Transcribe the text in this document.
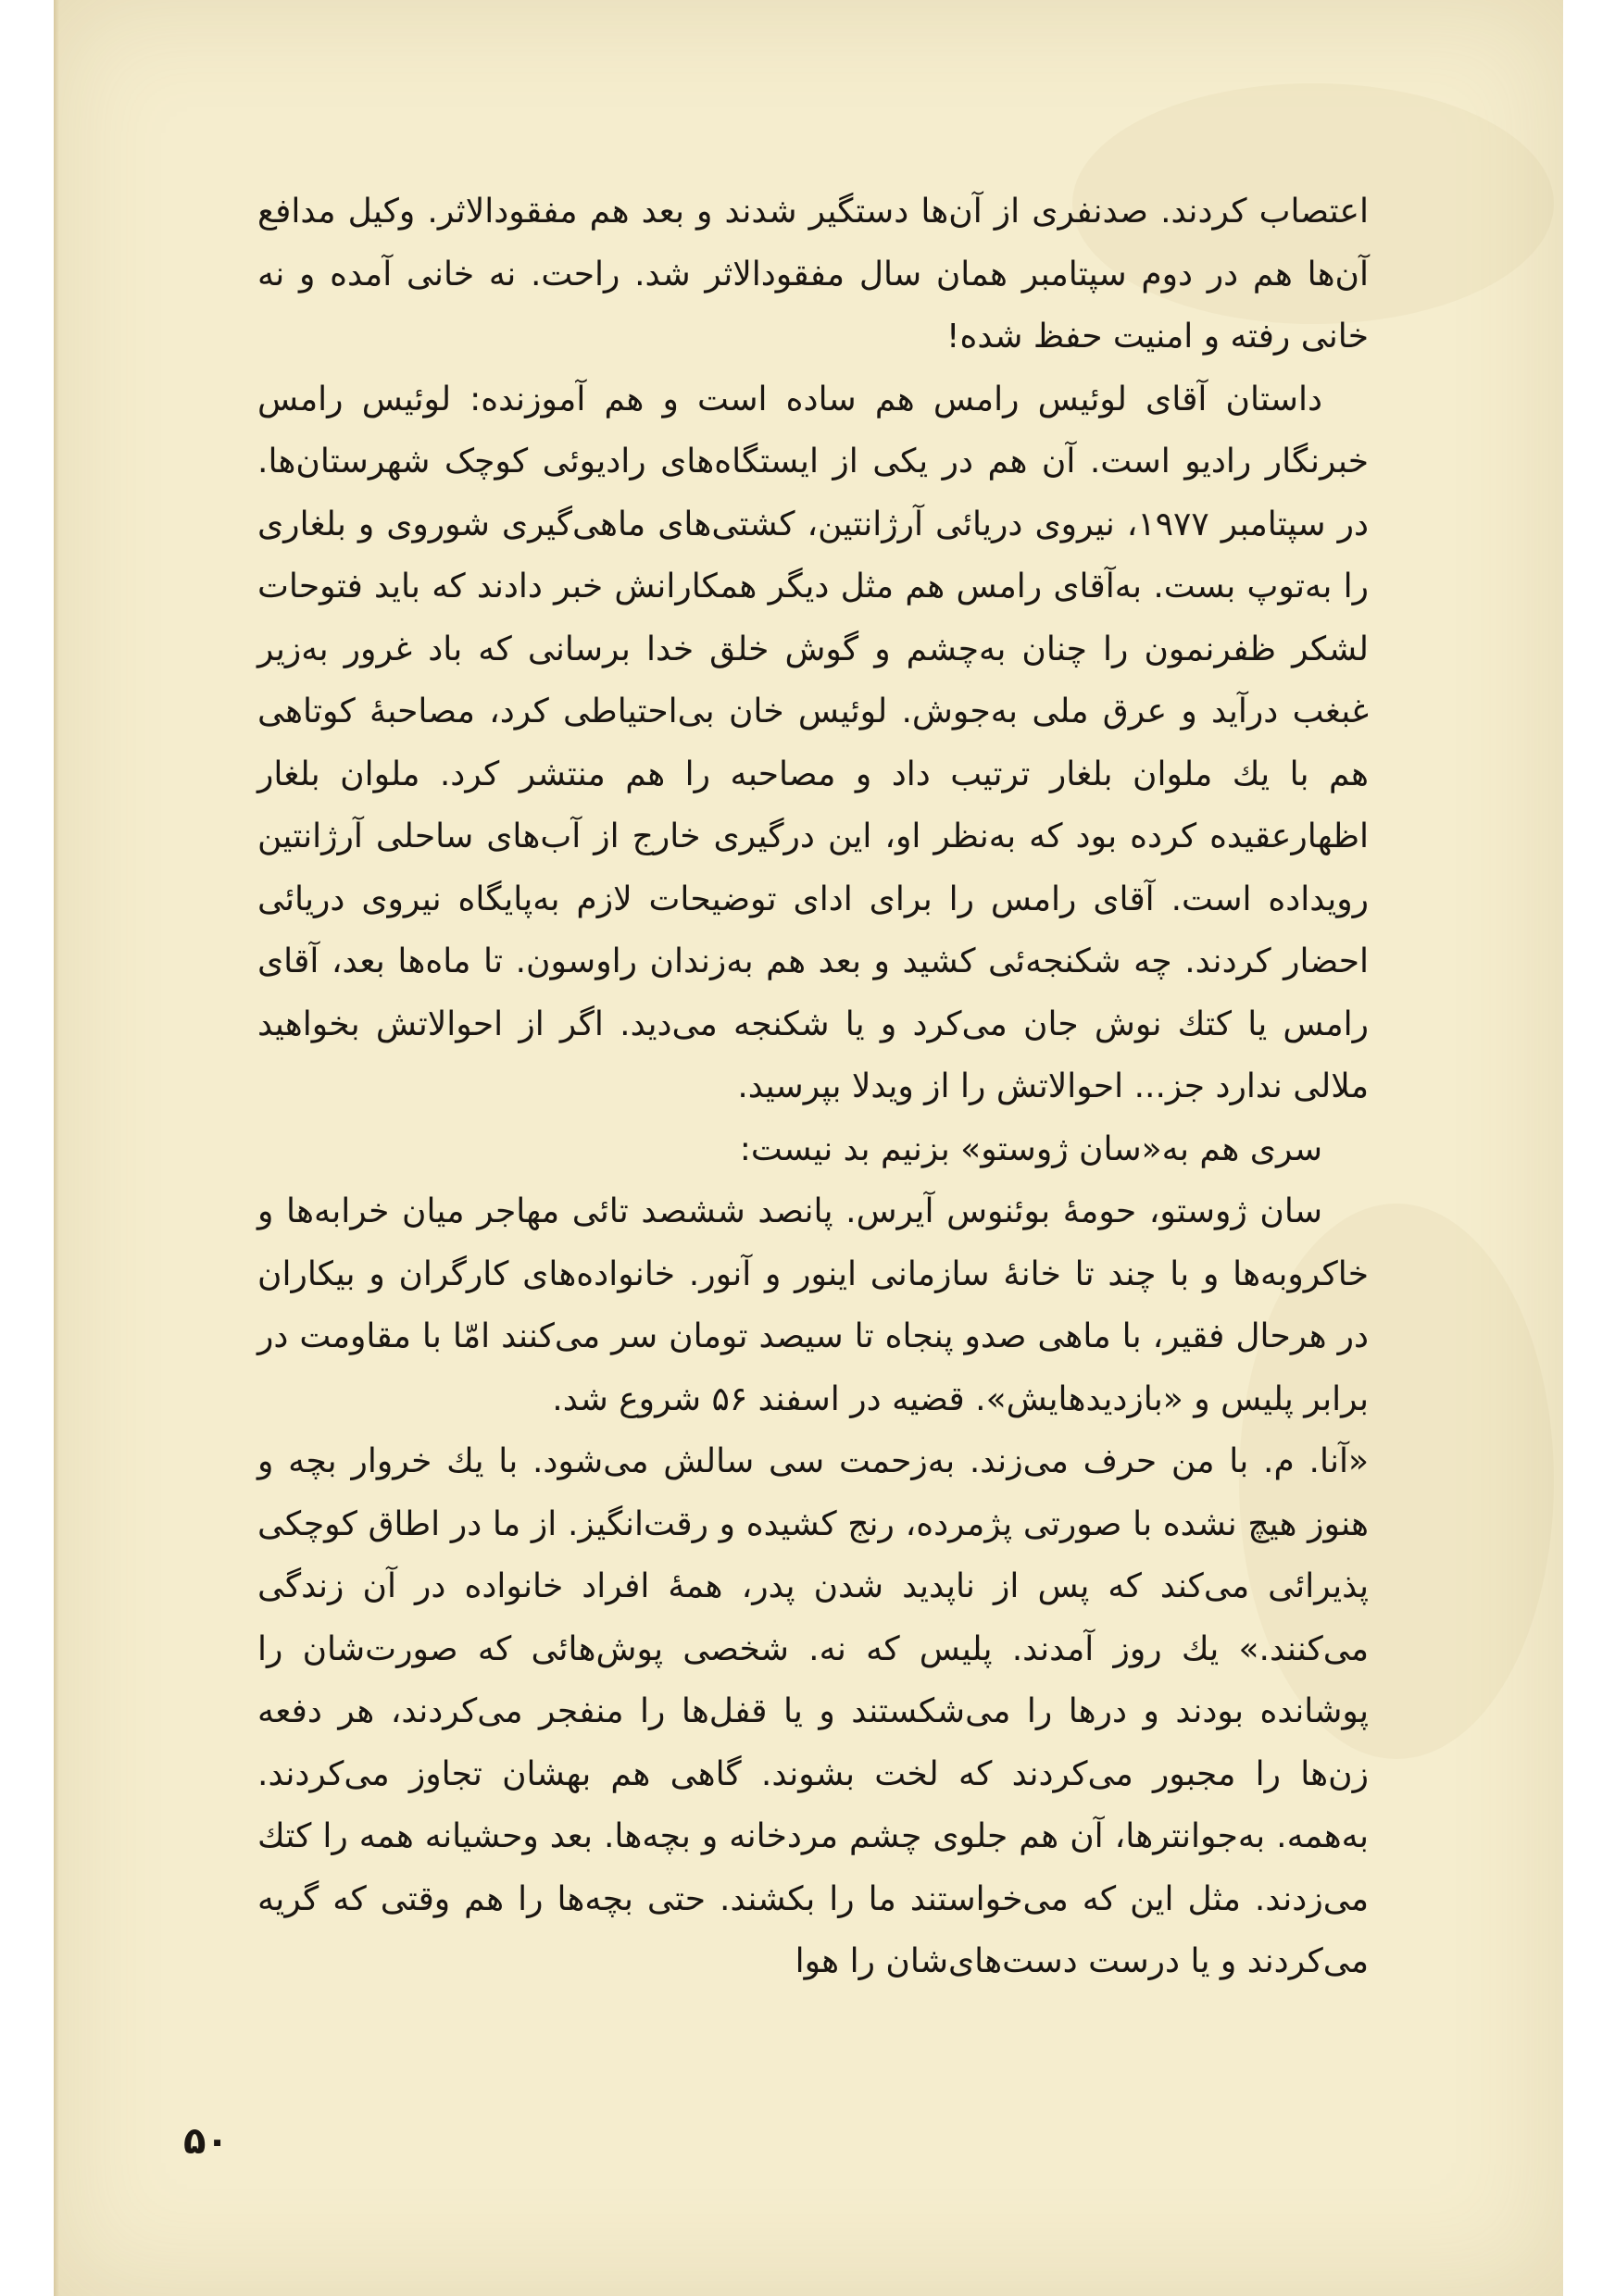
اعتصاب کردند. صدنفری از آن‌ها دستگیر شدند و بعد هم مفقودالاثر. وکیل مدافع آن‌ها هم در دوم سپتامبر همان سال مفقودالاثر شد. راحت. نه خانی آمده و نه خانی رفته و امنیت حفظ شده!

داستان آقای لوئیس رامس هم ساده است و هم آموزنده: لوئیس رامس خبرنگار رادیو است. آن هم در یکی از ایستگاه‌های رادیوئی کوچک شهرستان‌ها. در سپتامبر ۱۹۷۷، نیروی دریائی آرژانتین، کشتی‌های ماهی‌گیری شوروی و بلغاری را به‌توپ بست. به‌آقای رامس هم مثل دیگر همکارانش خبر دادند که باید فتوحات لشکر ظفرنمون را چنان به‌چشم و گوش خلق خدا برسانی که باد غرور به‌زیر غبغب درآید و عرق ملی به‌جوش. لوئیس خان بی‌احتیاطی کرد، مصاحبهٔ کوتاهی هم با یك ملوان بلغار ترتیب داد و مصاحبه را هم منتشر کرد. ملوان بلغار اظهارعقیده کرده بود که به‌نظر او، این درگیری خارج از آب‌های ساحلی آرژانتین رویداده است. آقای رامس را برای ادای توضیحات لازم به‌پایگاه نیروی دریائی احضار کردند. چه شکنجه‌ئی کشید و بعد هم به‌زندان راوسون. تا ماه‌ها بعد، آقای رامس یا کتك نوش جان می‌کرد و یا شکنجه می‌دید. اگر از احوالاتش بخواهید ملالی ندارد جز... احوالاتش را از ویدلا بپرسید.

سری هم به«سان ژوستو» بزنیم بد نیست:

سان ژوستو، حومهٔ بوئنوس آیرس. پانصد ششصد تائی مهاجر میان خرابه‌ها و خاکروبه‌ها و با چند تا خانهٔ سازمانی اینور و آنور. خانواده‌های کارگران و بیکاران در هرحال فقیر، با ماهی صدو پنجاه تا سیصد تومان سر می‌کنند امّا با مقاومت در برابر پلیس و «بازدیدهایش». قضیه در اسفند ۵۶ شروع شد.

«آنا. م. با من حرف می‌زند. به‌زحمت سی سالش می‌شود. با یك خروار بچه و هنوز هیچ نشده با صورتی پژمرده، رنج کشیده و رقت‌انگیز. از ما در اطاق کوچکی پذیرائی می‌کند که پس از ناپدید شدن پدر، همهٔ افراد خانواده در آن زندگی می‌کنند.» یك روز آمدند. پلیس که نه. شخصی پوش‌هائی که صورت‌شان را پوشانده بودند و درها را می‌شکستند و یا قفل‌ها را منفجر می‌کردند، هر دفعه زن‌ها را مجبور می‌کردند که لخت بشوند. گاهی هم بهشان تجاوز می‌کردند. به‌همه. به‌جوانترها، آن هم جلوی چشم مردخانه و بچه‌ها. بعد وحشیانه همه را کتك می‌زدند. مثل این که می‌خواستند ما را بکشند. حتی بچه‌ها را هم وقتی که گریه می‌کردند و یا درست دست‌های‌شان را هوا

۵۰
